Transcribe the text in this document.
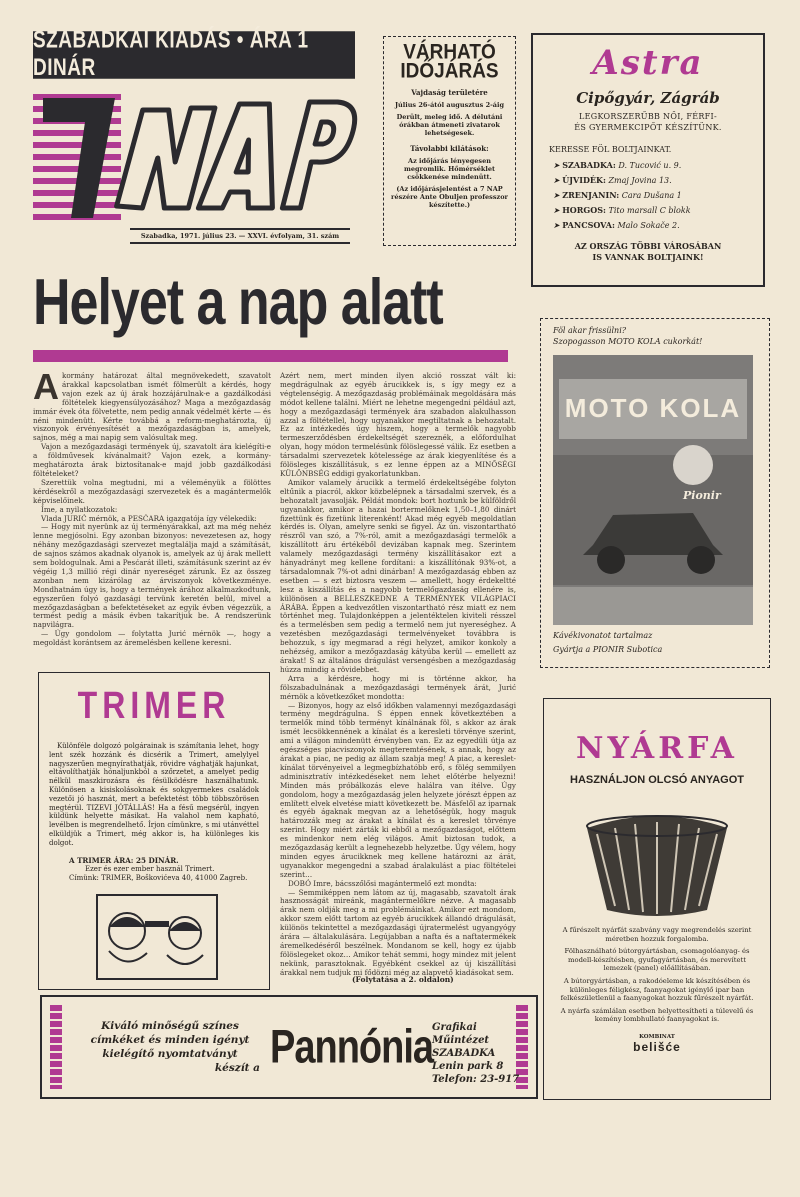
SZABADKAI KIADÁS • ÁRA 1 DINÁR
Szabadka, 1971. július 23. — XXVI. évfolyam, 31. szám
VÁRHATÓ
IDŐJÁRÁS
Vajdaság területére

Július 26-ától augusztus 2-áig

Derült, meleg idő. A délutáni órákban átmeneti zivatarok lehetségesek.

Távolabbi kilátások:

Az időjárás lényegesen megromlik. Hőmérséklet csökkenése mindenütt.

(Az időjárásjelentést a 7 NAP részére Ante Obuljen professzor készítette.)

Astra
Cipőgyár, Zágráb
LEGKORSZERŰBB NŐI, FÉRFI-
ÉS GYERMEKCIPŐT KÉSZÍTÜNK.
KERESSE FÖL BOLTJAINKAT.
➤ SZABADKA: D. Tucović u. 9.
➤ ÚJVIDÉK: Zmaj Jovina 13.
➤ ZRENJANIN: Cara Dušana 1
➤ HORGOS: Tito marsall C blokk
➤ PANCSOVA: Malo Sokače 2.
AZ ORSZÁG TÖBBI VÁROSÁBAN
IS VANNAK BOLTJAINK!
Helyet a nap alatt
A kormány határozat által megnövekedett, szavatolt árakkal kapcsolatban ismét fölmerült a kérdés, hogy vajon ezek az új árak hozzájárulnak-e a gazdálkodási föltételek kiegyensúlyozásához? Maga a mezőgazdaság immár évek óta fölvetette, nem pedig annak védelmét kérte — és néni mindenütt. Kérte továbbá a reform-meghatározta, új viszonyok érvényesítését a mezőgazdaságban is, amelyek, sajnos, még a mai napig sem valósultak meg.

Vajon a mezőgazdasági termények új, szavatolt ára kielégíti-e a földművesek kívánalmait? Vajon ezek, a kormány-meghatározta árak biztosítanak-e majd jobb gazdálkodási föltételeket?

Szerettük volna megtudni, mi a véleményük a fölöttes kérdésekről a mezőgazdasági szervezetek és a magántermelők képviselőinek.

Íme, a nyilatkozatok:

Vlada JURIĆ mérnök, a PESĆARA igazgatója így vélekedik:

— Hogy mit nyerünk az új terményárakkal, azt ma még nehéz lenne megjósolni. Egy azonban bizonyos: nevezetesen az, hogy néhány mezőgazdasági szervezet megtalálja majd a számítását, de sajnos számos akadnak olyanok is, amelyek az új árak mellett sem boldogulnak. Ami a Pesćarát illeti, számításunk szerint az év végéig 1,3 millió régi dinár nyereséget zárunk. Ez az összeg azonban nem kizárólag az árviszonyok következménye. Mondhatnám úgy is, hogy a termények árához alkalmazkodtunk, egyszerűen folyó gazdasági tervünk keretén belül, mivel a mezőgazdaságban a befektetéseket az egyik évben végezzük, a termést pedig a másik évben takarítjuk be. A rendszerünk napvilágra.

— Úgy gondolom — folytatta Jurić mérnök —, hogy a megoldást korántsem az áremelésben kellene keresni.

Azért nem, mert minden ilyen akció rosszat vált ki: megdrágulnak az egyéb árucikkek is, s így megy ez a végtelenségig. A mezőgazdaság problémáinak megoldására más módot kellene találni. Miért ne lehetne megengedni például azt, hogy a mezőgazdasági termények ára szabadon alakulhasson azzal a föltétellel, hogy ugyanakkor megtiltatnak a behozatalt. Ez az intézkedés úgy hiszem, hogy a termelők nagyobb termeszerződésben érdekeltségét szereznék, a előfordulhat olyan, hogy módon termelésünk fölöslegessé válik. Ez esetben a társadalmi szervezetek kötelessége az árak kiegyenlítése és a fölösleges kiszállításuk, s ez lenne éppen az a MINŐSÉGI KÜLÖNBSÉG eddigi gyakorlatunkban.

Amikor valamely árucikk a termelő érdekeltségébe folyton eltűnik a piacról, akkor közbelépnek a társadalmi szervek, és a behozatalt javasolják. Példát mondok: bort hoztunk be külföldről ugyanakkor, amikor a hazai bortermelőknek 1,50–1,80 dinárt fizettünk és fizetünk literenként! Akad még egyéb megoldatlan kérdés is. Olyan, amelyre senki se figyel. Az ún. viszontartható részről van szó, a 7%-ról, amit a mezőgazdasági termelők a kiszállított áru értékéből devizában kapnak meg. Szerintem valamely mezőgazdasági termény kiszállításakor ezt a hányadrányt meg kellene fordítani: a kiszállítónak 93%-ot, a társadalomnak 7%-ot adni dinárban! A mezőgazdaság ebben az esetben — s ezt biztosra veszem — amellett, hogy érdekeltté lesz a kiszállítás és a nagyobb termelőgazdaság ellenére is, különösen a BELLESZKEDNE A TERMÉNYEK VILÁGPIACI ÁRÁBA. Éppen a kedvezőtlen viszontartható rész miatt ez nem történhet meg. Tulajdonképpen a jelentéktelen kiviteli résszel és a termelésben sem pedig a termelő nem jut nyereséghez. A vezetésben mezőgazdasági termelvényeket továbbra is behozzuk, s így megmarad a régi helyzet, amikor konkoly a nehézség, amikor a mezőgazdaság kátyúba kerül — emellett az árakat! S az általános drágulást versengésben a mezőgazdaság húzza mindig a rövidebbet.

Arra a kérdésre, hogy mi is történne akkor, ha fölszabadulnának a mezőgazdasági termények árát, Jurić mérnök a következőket mondotta:

— Bizonyos, hogy az első időkben valamennyi mezőgazdasági termény megdrágulna. S éppen ennek következtében a termelők mind több terményt kínálnának föl, s akkor az árak ismét lecsökkennének a kínálat és a keresleti törvénye szerint, ami a világon mindenütt érvényben van. Ez az egyedüli útja az egészséges piacviszonyok megteremtésének, s annak, hogy az árakat a piac, ne pedig az állam szabja meg! A piac, a kereslet-kínálat törvényeivel a legmegbízhatóbb erő, s fölég semmilyen adminisztratív intézkedéseket nem lehet előtérbe helyezni! Minden más próbálkozás eleve halálra van ítélve. Úgy gondolom, hogy a mezőgazdaság jelen helyzete jórészt éppen az említett elvek elvetése miatt következett be. Másfelől az iparnak és egyéb ágaknak megvan az a lehetőségük, hogy maguk határozzák meg az árakat a kínálat és a kereslet törvénye szerint. Hogy miért zárták ki ebből a mezőgazdaságot, előttem es mindenkor nem elég világos. Amit biztosan tudok, a mezőgazdaság került a legnehezebb helyzetbe. Úgy vélem, hogy minden egyes árucikknek meg kellene határozni az árát, ugyanakkor megengedni a szabad áralakulást a piac föltételei szerint…

DOBÓ Imre, bácsszőlősi magántermelő ezt mondta:

— Semmiképpen nem látom az új, magasabb, szavatolt árak hasznosságát mireánk, magántermelőkre nézve. A magasabb árak nem oldják meg a mi problémáinkat. Amikor ezt mondom, akkor szem előtt tartom az egyéb árucikkek állandó drágulását, különös tekintettel a mezőgazdasági újratermelést ugyangyógy árára — általakulására. Legújabban a nafta és a naftatermékek áremelkedéséről beszélnek. Mondanom se kell, hogy ez újabb fölöslegeket okoz… Amikor tehát semmi, hogy mindez mit jelent nekünk, parasztoknak. Egyébként csekkel az új kiszállítási árakkal nem tudjuk mi fődözni még az alapvető kiadásokat sem.

(Folytatása a 2. oldalon)
Föl akar frissülni?
Szopogasson MOTO KOLA cukorkát!
MOTO KOLA
Pionir
Kávékivonatot tartalmaz
Gyártja a PIONIR Subotica
TRIMER
Különféle dolgozó polgárainak is számítania lehet, hogy lent szék hozzánk és dicsérik a Trimert, amelylyel nagyszerűen megnyírathatják, rövidre vághatják hajunkat, eltávolíthatják hónaljunkból a szőrzetet, a amelyet pedig nélkül maszkirozásra és fésülködésre használhatunk. Különösen a kisiskolásoknak és sokgyermekes családok vezetői jó hasznát, mert a befektetést több többszörösen megtérül. TIZEVI JÓTÁLLÁS! Ha a fésű megsérül, ingyen küldünk helyette másikat. Ha valahol nem kapható, levélben is megrendelhető. Írjon címünkre, s mi utánvéttel elküldjük a Trimert, még akkor is, ha különleges kis dolgot.
A TRIMER ÁRA: 25 DINÁR.
Ezer és ezer ember használ Trimert.
Címünk: TRIMER, Boškovićeva 40, 41000 Zagreb.
NYÁRFA
HASZNÁLJON OLCSÓ ANYAGOT
A fűrészelt nyárfát szabvány vagy megrendelés szerint méretben hozzuk forgalomba.
Fölhasználható bútorgyártásban, csomagolóanyag- és modell-készítésben, gyufagyártásban, és merevített lemezek (panel) előállításában.
A bútorgyártásban, a rakodóeleme kk készítésében és különleges féligkész, faanyagokat igénylő ipar ban felkészületlenül a faanyagokat hozzuk fűrészelt nyárfát.
A nyárfa számlálan esetben helyettesítheti a túlevelű és kemény lombhullató faanyagokat is.
KOMBINAT
belišće
Kiváló minőségű színes
címkéket és minden igényt
kielégítő nyomtatványt
készít a Pannónia
Grafikai Műintézet
SZABADKA
Lenin park 8
Telefon: 23-917
